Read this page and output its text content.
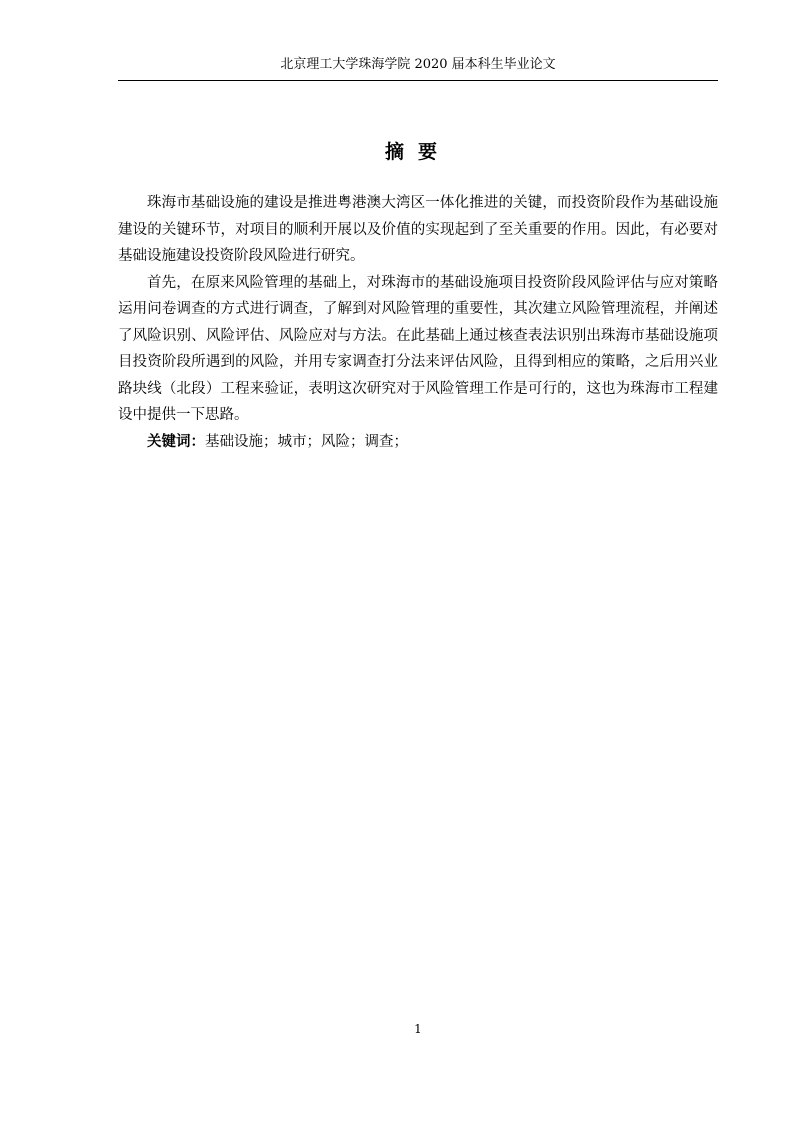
北京理工大学珠海学院 2020 届本科生毕业论文
摘要

珠海市基础设施的建设是推进粤港澳大湾区一体化推进的关键，而投资阶段作为基础设施建设的关键环节，对项目的顺利开展以及价值的实现起到了至关重要的作用。因此，有必要对基础设施建设投资阶段风险进行研究。

首先，在原来风险管理的基础上，对珠海市的基础设施项目投资阶段风险评估与应对策略运用问卷调查的方式进行调查，了解到对风险管理的重要性，其次建立风险管理流程，并阐述了风险识别、风险评估、风险应对与方法。在此基础上通过核查表法识别出珠海市基础设施项目投资阶段所遇到的风险，并用专家调查打分法来评估风险，且得到相应的策略，之后用兴业路块线（北段）工程来验证，表明这次研究对于风险管理工作是可行的，这也为珠海市工程建设中提供一下思路。

关键词：基础设施；城市；风险；调查；

1
